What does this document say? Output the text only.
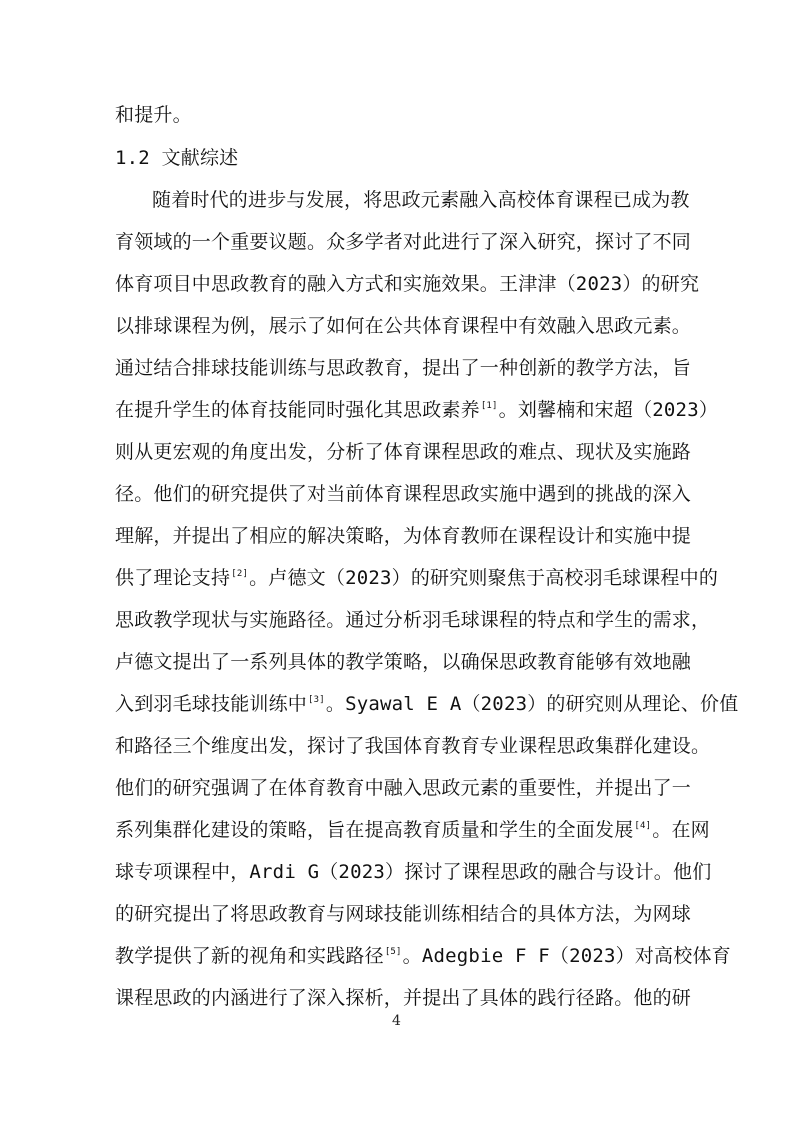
和提升。
1.2 文献综述
随着时代的进步与发展，将思政元素融入高校体育课程已成为教
育领域的一个重要议题。众多学者对此进行了深入研究，探讨了不同
体育项目中思政教育的融入方式和实施效果。王津津（2023）的研究
以排球课程为例，展示了如何在公共体育课程中有效融入思政元素。
通过结合排球技能训练与思政教育，提出了一种创新的教学方法，旨
在提升学生的体育技能同时强化其思政素养[1]。刘馨楠和宋超（2023）
则从更宏观的角度出发，分析了体育课程思政的难点、现状及实施路
径。他们的研究提供了对当前体育课程思政实施中遇到的挑战的深入
理解，并提出了相应的解决策略，为体育教师在课程设计和实施中提
供了理论支持[2]。卢德文（2023）的研究则聚焦于高校羽毛球课程中的
思政教学现状与实施路径。通过分析羽毛球课程的特点和学生的需求，
卢德文提出了一系列具体的教学策略，以确保思政教育能够有效地融
入到羽毛球技能训练中[3]。Syawal E A（2023）的研究则从理论、价值
和路径三个维度出发，探讨了我国体育教育专业课程思政集群化建设。
他们的研究强调了在体育教育中融入思政元素的重要性，并提出了一
系列集群化建设的策略，旨在提高教育质量和学生的全面发展[4]。在网
球专项课程中，Ardi G（2023）探讨了课程思政的融合与设计。他们
的研究提出了将思政教育与网球技能训练相结合的具体方法，为网球
教学提供了新的视角和实践路径[5]。Adegbie F F（2023）对高校体育
课程思政的内涵进行了深入探析，并提出了具体的践行径路。他的研
4
